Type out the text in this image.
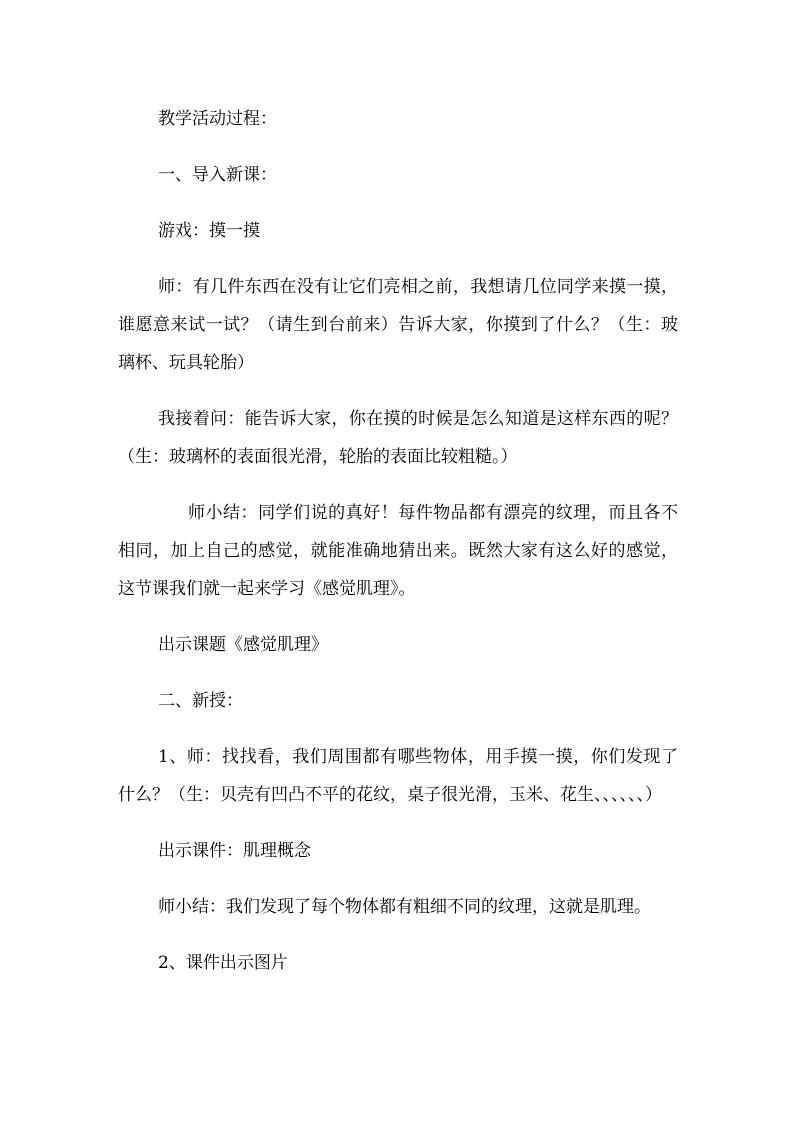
教学活动过程：

一、导入新课：

游戏：摸一摸

师：有几件东西在没有让它们亮相之前，我想请几位同学来摸一摸，谁愿意来试一试？（请生到台前来）告诉大家，你摸到了什么？（生：玻璃杯、玩具轮胎）

我接着问：能告诉大家，你在摸的时候是怎么知道是这样东西的呢？（生：玻璃杯的表面很光滑，轮胎的表面比较粗糙。）

师小结：同学们说的真好！每件物品都有漂亮的纹理，而且各不相同，加上自己的感觉，就能准确地猜出来。既然大家有这么好的感觉，这节课我们就一起来学习《感觉肌理》。

出示课题《感觉肌理》

二、新授：

1、师：找找看，我们周围都有哪些物体，用手摸一摸，你们发现了什么？（生：贝壳有凹凸不平的花纹，桌子很光滑，玉米、花生、、、、、、）

出示课件：肌理概念

师小结：我们发现了每个物体都有粗细不同的纹理，这就是肌理。

2、课件出示图片
